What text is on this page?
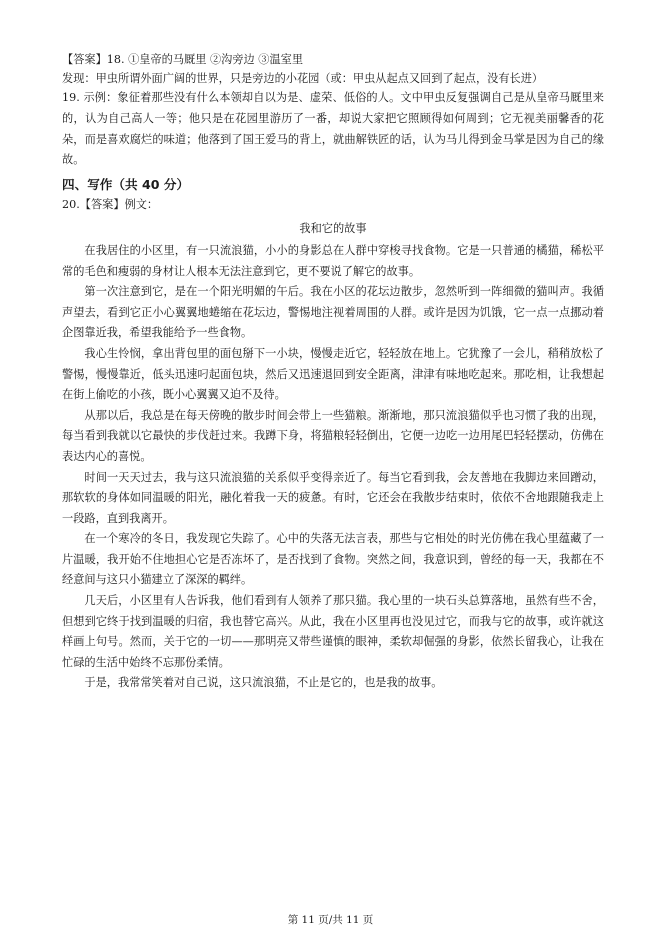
【答案】18. ①皇帝的马厩里 ②沟旁边 ③温室里
发现：甲虫所谓外面广阔的世界，只是旁边的小花园（或：甲虫从起点又回到了起点，没有长进）
19. 示例：象征着那些没有什么本领却自以为是、虚荣、低俗的人。文中甲虫反复强调自己是从皇帝马厩里来的，认为自己高人一等；他只是在花园里游历了一番，却说大家把它照顾得如何周到；它无视美丽馨香的花朵，而是喜欢腐烂的味道；他落到了国王爱马的背上，就曲解铁匠的话，认为马儿得到金马掌是因为自己的缘故。
四、写作（共 40 分）
20.【答案】例文：
我和它的故事
在我居住的小区里，有一只流浪猫，小小的身影总在人群中穿梭寻找食物。它是一只普通的橘猫，稀松平常的毛色和瘦弱的身材让人根本无法注意到它，更不要说了解它的故事。
第一次注意到它，是在一个阳光明媚的午后。我在小区的花坛边散步，忽然听到一阵细微的猫叫声。我循声望去，看到它正小心翼翼地蜷缩在花坛边，警惕地注视着周围的人群。或许是因为饥饿，它一点一点挪动着企图靠近我，希望我能给予一些食物。
我心生怜悯，拿出背包里的面包掰下一小块，慢慢走近它，轻轻放在地上。它犹豫了一会儿，稍稍放松了警惕，慢慢靠近，低头迅速叼起面包块，然后又迅速退回到安全距离，津津有味地吃起来。那吃相，让我想起在街上偷吃的小孩，既小心翼翼又迫不及待。
从那以后，我总是在每天傍晚的散步时间会带上一些猫粮。渐渐地，那只流浪猫似乎也习惯了我的出现，每当看到我就以它最快的步伐赶过来。我蹲下身，将猫粮轻轻倒出，它便一边吃一边用尾巴轻轻摆动，仿佛在表达内心的喜悦。
时间一天天过去，我与这只流浪猫的关系似乎变得亲近了。每当它看到我，会友善地在我脚边来回蹭动，那软软的身体如同温暖的阳光，融化着我一天的疲惫。有时，它还会在我散步结束时，依依不舍地跟随我走上一段路，直到我离开。
在一个寒冷的冬日，我发现它失踪了。心中的失落无法言表，那些与它相处的时光仿佛在我心里蕴藏了一片温暖，我开始不住地担心它是否冻坏了，是否找到了食物。突然之间，我意识到，曾经的每一天，我都在不经意间与这只小猫建立了深深的羁绊。
几天后，小区里有人告诉我，他们看到有人领养了那只猫。我心里的一块石头总算落地，虽然有些不舍，但想到它终于找到温暖的归宿，我也替它高兴。从此，我在小区里再也没见过它，而我与它的故事，或许就这样画上句号。然而，关于它的一切——那明亮又带些谨慎的眼神，柔软却倔强的身影，依然长留我心，让我在忙碌的生活中始终不忘那份柔情。
于是，我常常笑着对自己说，这只流浪猫，不止是它的，也是我的故事。
第 11 页/共 11 页
